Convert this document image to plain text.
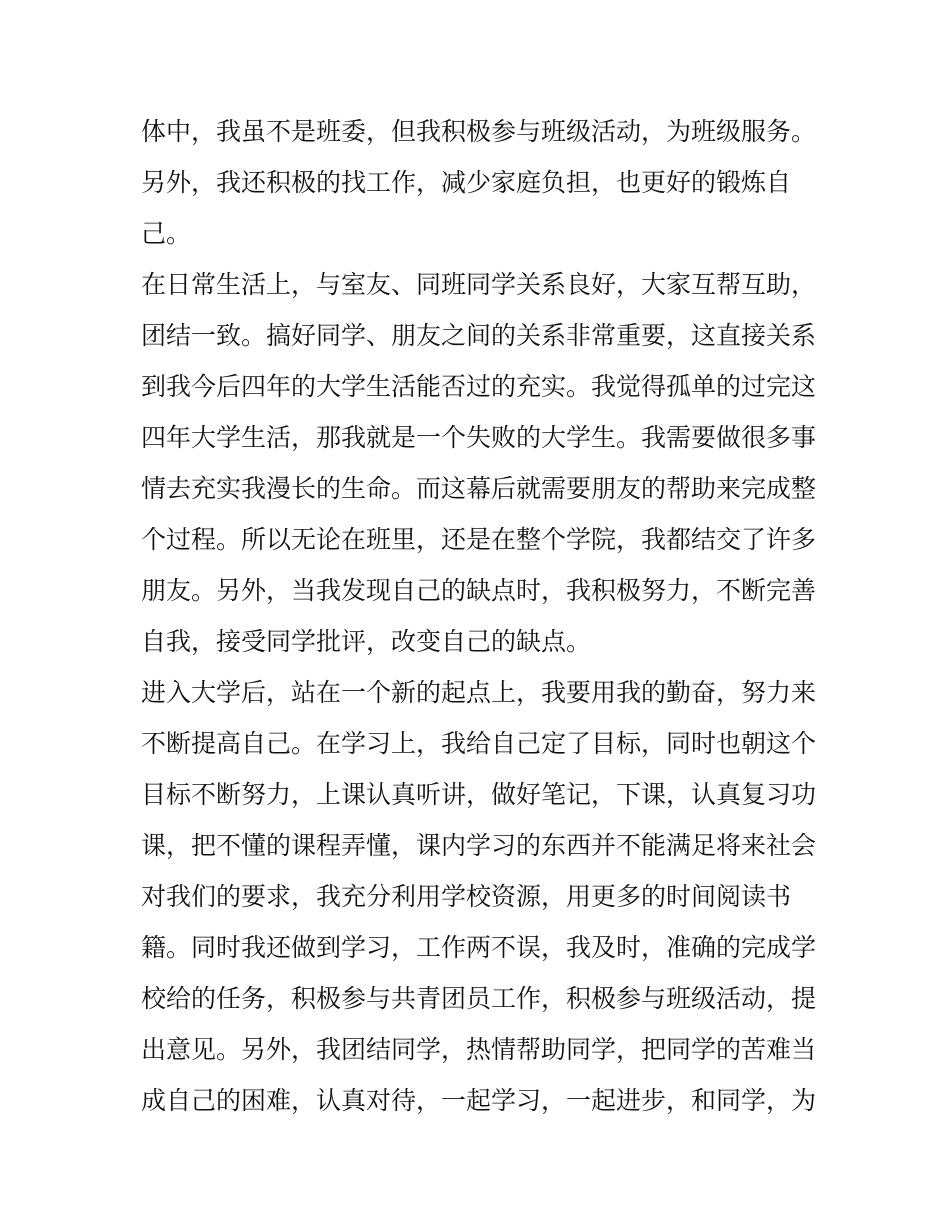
体中，我虽不是班委，但我积极参与班级活动，为班级服务。
另外，我还积极的找工作，减少家庭负担，也更好的锻炼自
己。
在日常生活上，与室友、同班同学关系良好，大家互帮互助，
团结一致。搞好同学、朋友之间的关系非常重要，这直接关系
到我今后四年的大学生活能否过的充实。我觉得孤单的过完这
四年大学生活，那我就是一个失败的大学生。我需要做很多事
情去充实我漫长的生命。而这幕后就需要朋友的帮助来完成整
个过程。所以无论在班里，还是在整个学院，我都结交了许多
朋友。另外，当我发现自己的缺点时，我积极努力，不断完善
自我，接受同学批评，改变自己的缺点。
进入大学后，站在一个新的起点上，我要用我的勤奋，努力来
不断提高自己。在学习上，我给自己定了目标，同时也朝这个
目标不断努力，上课认真听讲，做好笔记，下课，认真复习功
课，把不懂的课程弄懂，课内学习的东西并不能满足将来社会
对我们的要求，我充分利用学校资源，用更多的时间阅读书
籍。同时我还做到学习，工作两不误，我及时，准确的完成学
校给的任务，积极参与共青团员工作，积极参与班级活动，提
出意见。另外，我团结同学，热情帮助同学，把同学的苦难当
成自己的困难，认真对待，一起学习，一起进步，和同学，为
